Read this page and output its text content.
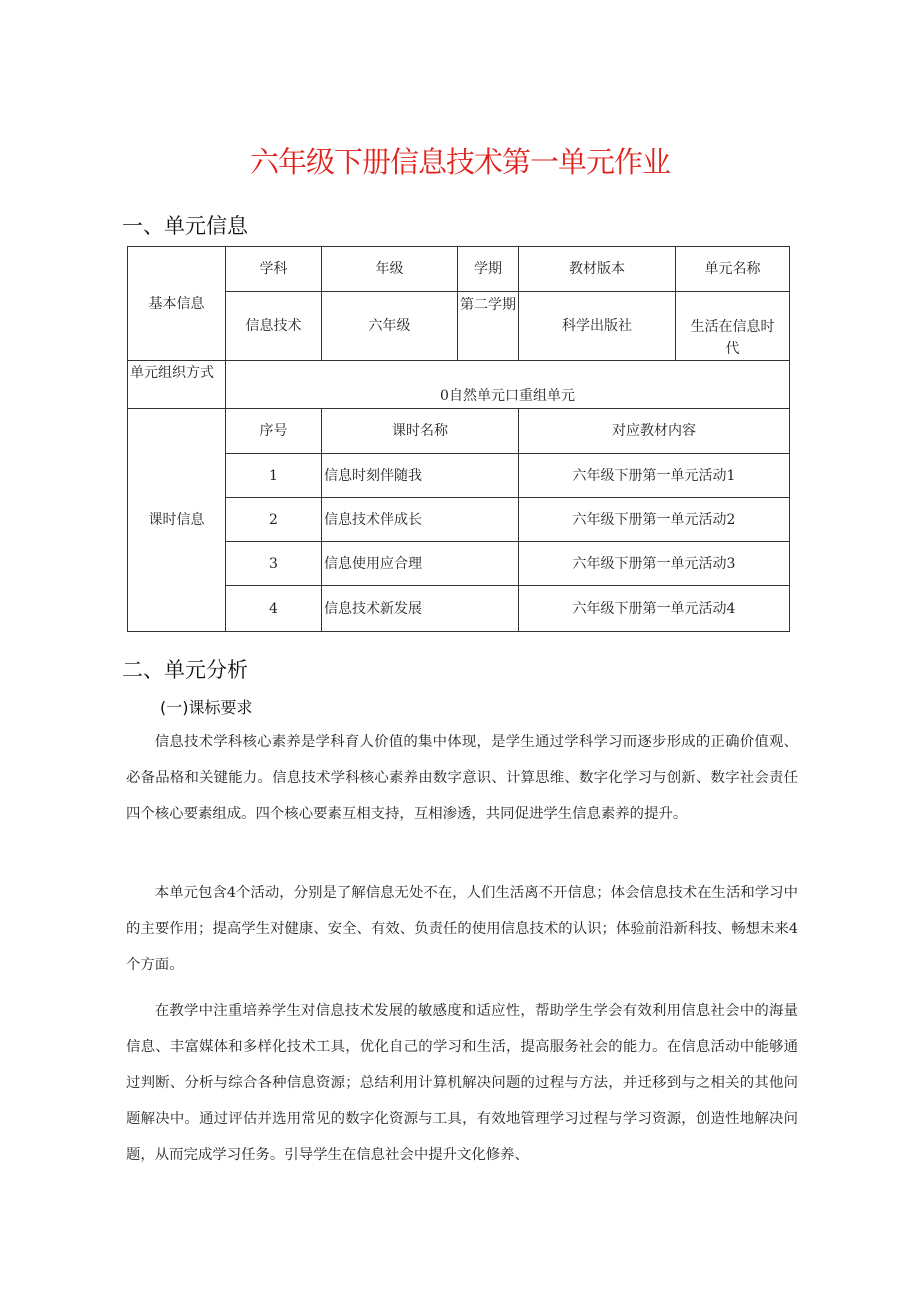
六年级下册信息技术第一单元作业
一、单元信息
基本信息	学科	年级	学期	教材版本	单元名称
	信息技术	六年级	第二学期	科学出版社	生活在信息时代
单元组织方式	0自然单元口重组单元				
课时信息	序号	课时名称		对应教材内容	
	1	信息时刻伴随我		六年级下册第一单元活动1	
	2	信息技术伴成长		六年级下册第一单元活动2	
	3	信息使用应合理		六年级下册第一单元活动3	
	4	信息技术新发展		六年级下册第一单元活动4	
二、单元分析
(一)课标要求

信息技术学科核心素养是学科育人价值的集中体现，是学生通过学科学习而逐步形成的正确价值观、必备品格和关键能力。信息技术学科核心素养由数字意识、计算思维、数字化学习与创新、数字社会责任四个核心要素组成。四个核心要素互相支持，互相渗透，共同促进学生信息素养的提升。

本单元包含4个活动，分别是了解信息无处不在，人们生活离不开信息；体会信息技术在生活和学习中的主要作用；提高学生对健康、安全、有效、负责任的使用信息技术的认识；体验前沿新科技、畅想未来4个方面。

在教学中注重培养学生对信息技术发展的敏感度和适应性，帮助学生学会有效利用信息社会中的海量信息、丰富媒体和多样化技术工具，优化自己的学习和生活，提高服务社会的能力。在信息活动中能够通过判断、分析与综合各种信息资源；总结利用计算机解决问题的过程与方法，并迁移到与之相关的其他问题解决中。通过评估并选用常见的数字化资源与工具，有效地管理学习过程与学习资源，创造性地解决问题，从而完成学习任务。引导学生在信息社会中提升文化修养、
